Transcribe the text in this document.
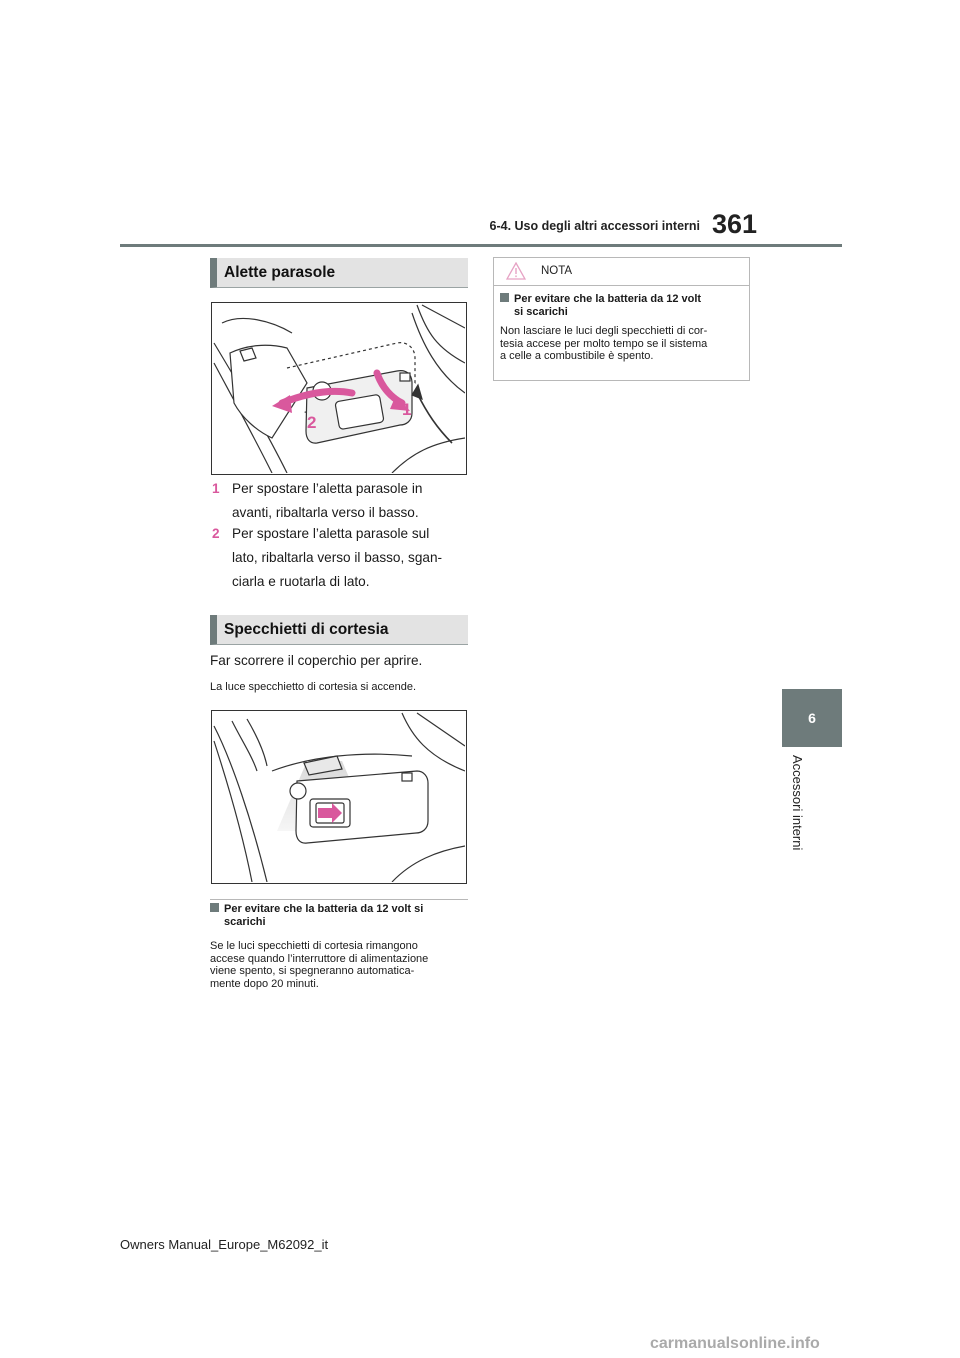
6-4. Uso degli altri accessori interni 361
6
Accessori interni
Alette parasole
1
2
1 Per spostare l’aletta parasole in
avanti, ribaltarla verso il basso.
2 Per spostare l’aletta parasole sul
lato, ribaltarla verso il basso, sgan-
ciarla e ruotarla di lato.
Specchietti di cortesia
Far scorrere il coperchio per aprire.
La luce specchietto di cortesia si accende.
Per evitare che la batteria da 12 volt si
scarichi
Se le luci specchietti di cortesia rimangono
accese quando l’interruttore di alimentazione
viene spento, si spegneranno automatica-
mente dopo 20 minuti.
NOTA
Per evitare che la batteria da 12 volt
si scarichi
Non lasciare le luci degli specchietti di cor-
tesia accese per molto tempo se il sistema
a celle a combustibile è spento.
Owners Manual_Europe_M62092_it
carmanualsonline.info
